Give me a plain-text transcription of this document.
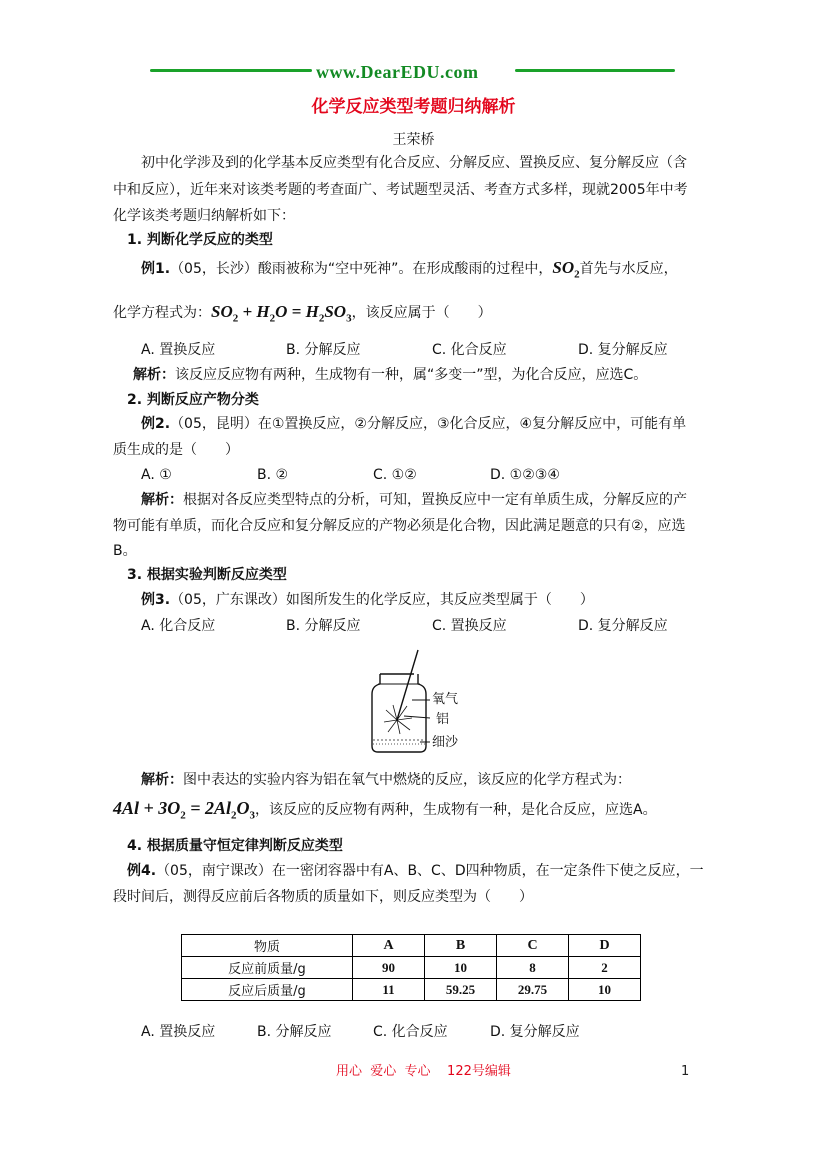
www.DearEDU.com
化学反应类型考题归纳解析
王荣桥
初中化学涉及到的化学基本反应类型有化合反应、分解反应、置换反应、复分解反应（含
中和反应），近年来对该类考题的考查面广、考试题型灵活、考查方式多样，现就2005年中考
化学该类考题归纳解析如下：
1. 判断化学反应的类型
例1.（05，长沙）酸雨被称为“空中死神”。在形成酸雨的过程中，$SO_2$首先与水反应，
化学方程式为：$SO_2 + H_2O = H_2SO_3$，该反应属于（　　）
A. 置换反应	B. 分解反应	C. 化合反应	D. 复分解反应
解析：该反应反应物有两种，生成物有一种，属“多变一”型，为化合反应，应选C。
2. 判断反应产物分类
例2.（05，昆明）在①置换反应，②分解反应，③化合反应，④复分解反应中，可能有单
质生成的是（　　）
A. ①	B. ②	C. ①②	D. ①②③④
解析：根据对各反应类型特点的分析，可知，置换反应中一定有单质生成，分解反应的产
物可能有单质，而化合反应和复分解反应的产物必须是化合物，因此满足题意的只有②，应选
B。
3. 根据实验判断反应类型
例3.（05，广东课改）如图所发生的化学反应，其反应类型属于（　　）
A. 化合反应	B. 分解反应	C. 置换反应	D. 复分解反应
氧气
铝
细沙
解析：图中表达的实验内容为铝在氧气中燃烧的反应，该反应的化学方程式为：
$4Al + 3O_2 = 2Al_2O_3$，该反应的反应物有两种，生成物有一种，是化合反应，应选A。
4. 根据质量守恒定律判断反应类型
例4.（05，南宁课改）在一密闭容器中有A、B、C、D四种物质，在一定条件下使之反应，一
段时间后，测得反应前后各物质的质量如下，则反应类型为（　　）
物质	A	B	C	D
反应前质量/g	90	10	8	2
反应后质量/g	11	59.25	29.75	10
A. 置换反应	B. 分解反应	C. 化合反应	D. 复分解反应
用心  爱心  专心    122号编辑	1
